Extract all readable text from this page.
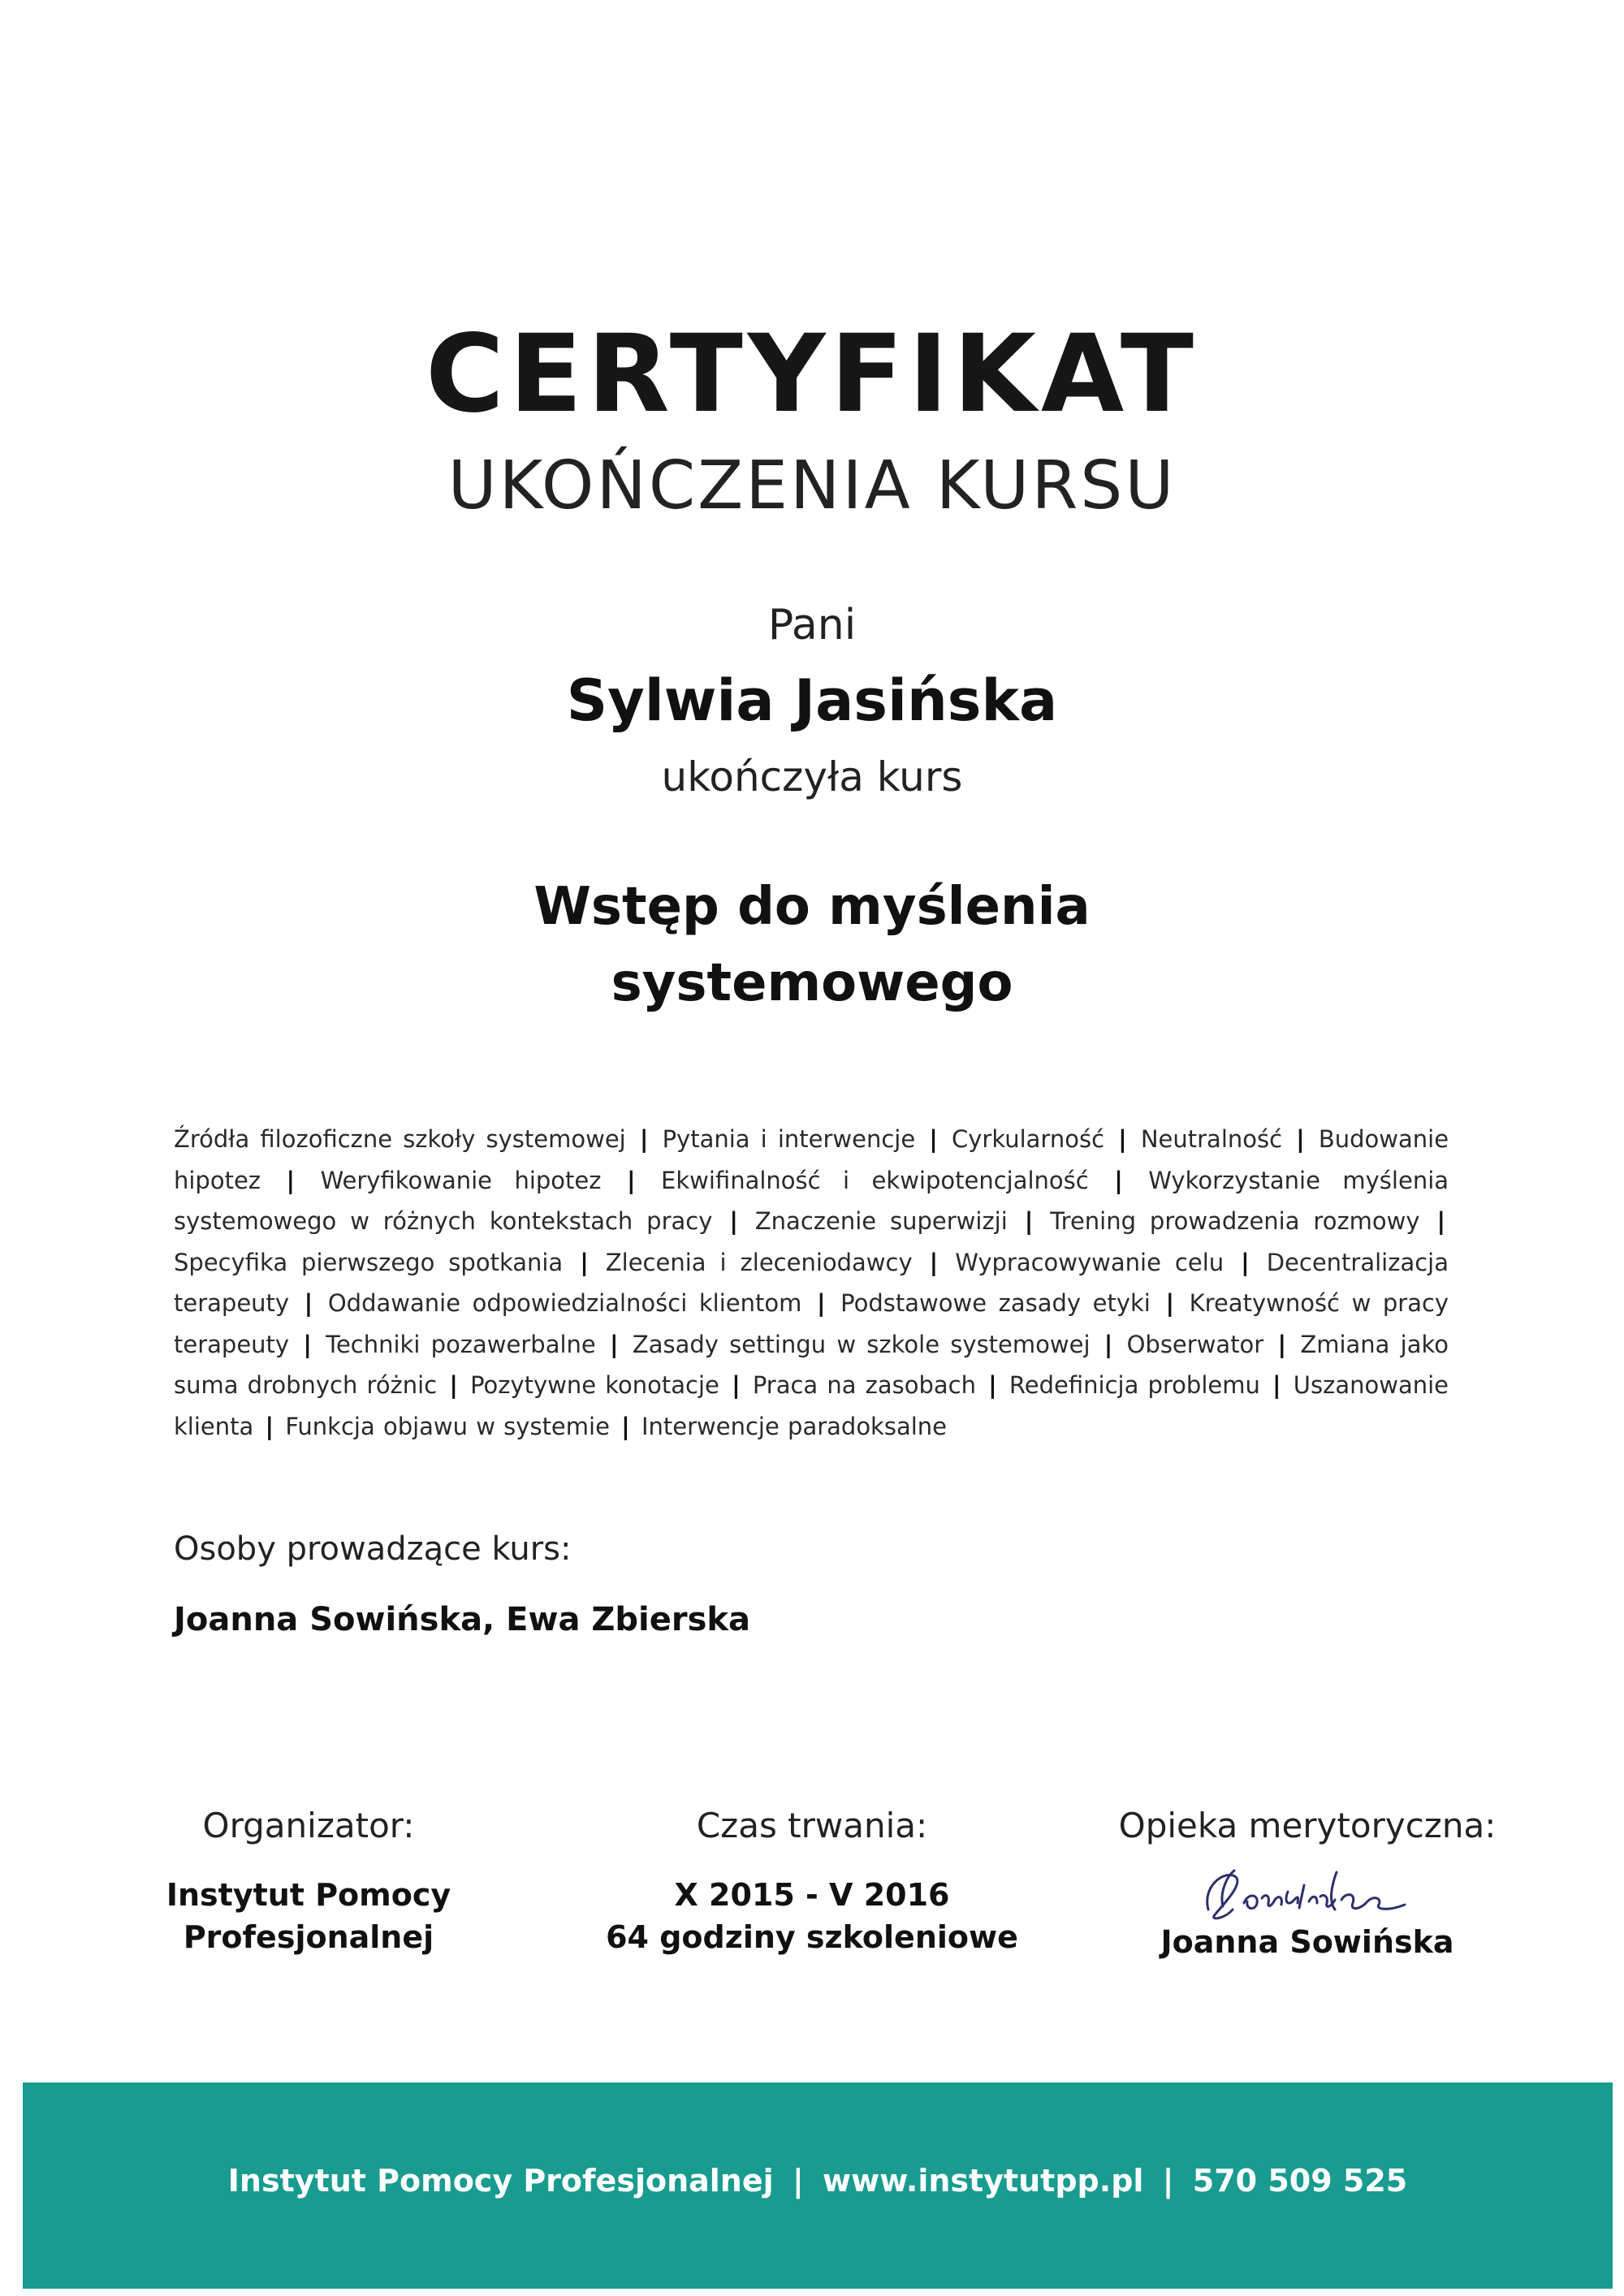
CERTYFIKAT
UKOŃCZENIA KURSU
Pani
Sylwia Jasińska
ukończyła kurs
Wstęp do myślenia
systemowego
Źródła filozoficzne szkoły systemowej | Pytania i interwencje | Cyrkularność | Neutralność | Budowanie hipotez | Weryfikowanie hipotez | Ekwifinalność i ekwipotencjalność | Wykorzystanie myślenia systemowego w różnych kontekstach pracy | Znaczenie superwizji | Trening prowadzenia rozmowy | Specyfika pierwszego spotkania | Zlecenia i zleceniodawcy | Wypracowywanie celu | Decentralizacja terapeuty | Oddawanie odpowiedzialności klientom | Podstawowe zasady etyki | Kreatywność w pracy terapeuty | Techniki pozawerbalne | Zasady settingu w szkole systemowej | Obserwator | Zmiana jako suma drobnych różnic | Pozytywne konotacje | Praca na zasobach | Redefinicja problemu | Uszanowanie klienta | Funkcja objawu w systemie | Interwencje paradoksalne
Osoby prowadzące kurs:
Joanna Sowińska, Ewa Zbierska
Organizator:
Instytut Pomocy
Profesjonalnej
Czas trwania:
X 2015 - V 2016
64 godziny szkoleniowe
Opieka merytoryczna:
Joanna Sowińska
Instytut Pomocy Profesjonalnej | www.instytutpp.pl | 570 509 525
